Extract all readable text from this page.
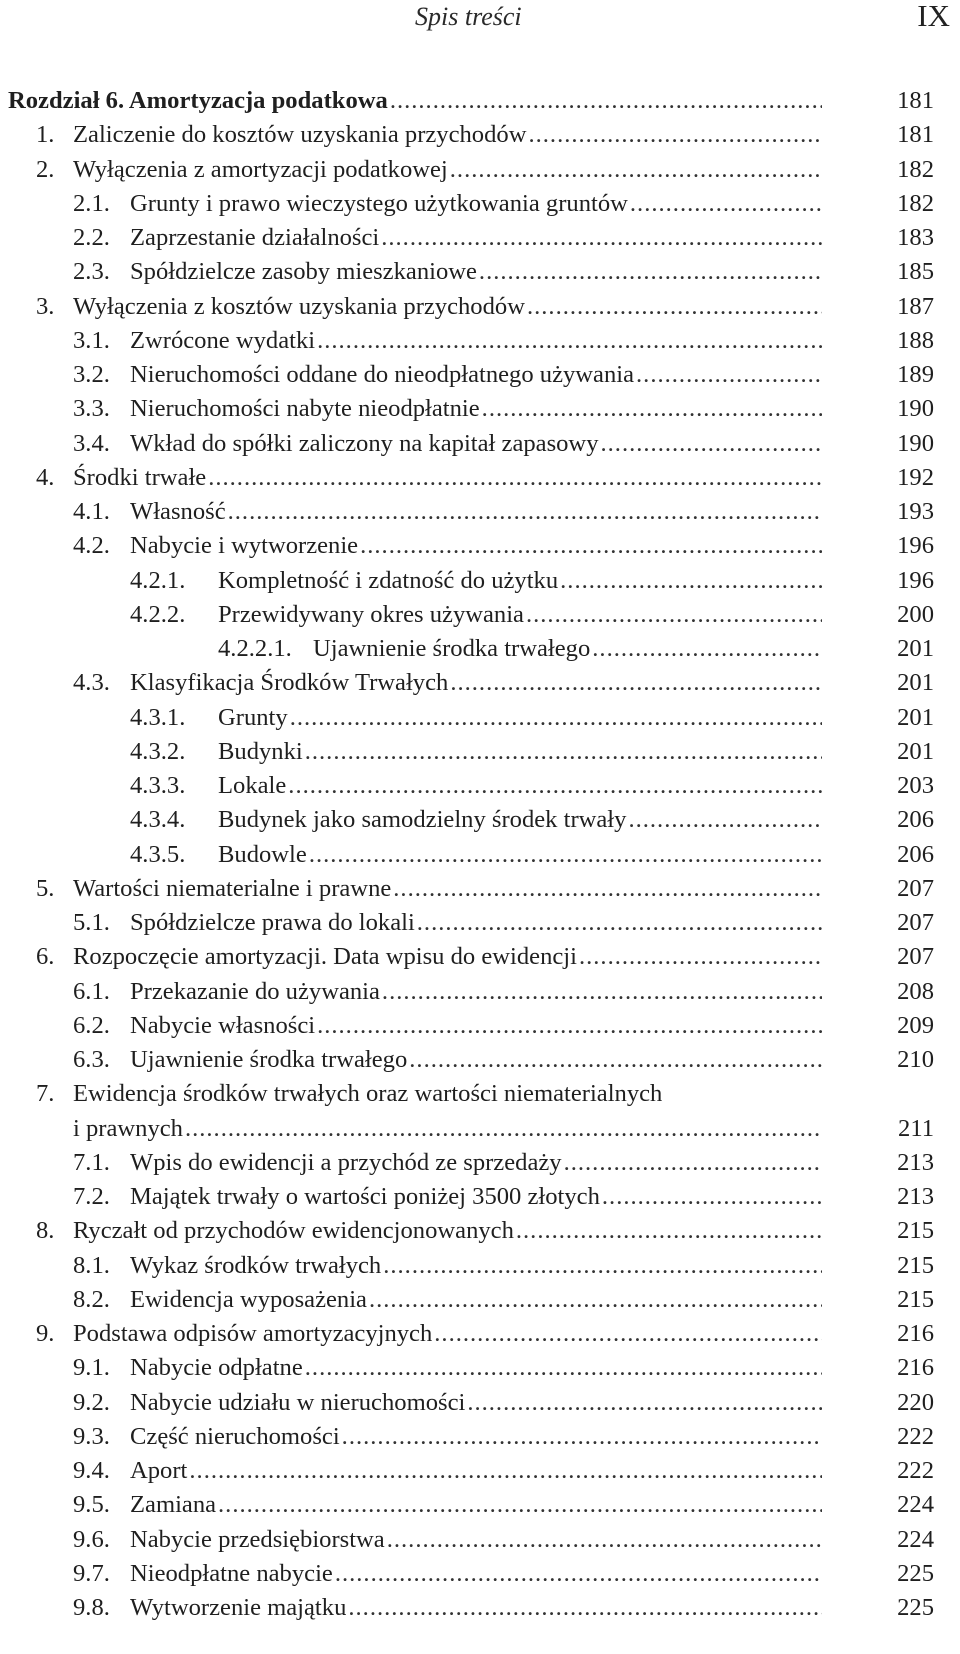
Spis treści	IX
Rozdział 6. Amortyzacja podatkowa .....	181
1. Zaliczenie do kosztów uzyskania przychodów .....	181
2. Wyłączenia z amortyzacji podatkowej .....	182
2.1. Grunty i prawo wieczystego użytkowania gruntów .....	182
2.2. Zaprzestanie działalności .....	183
2.3. Spółdzielcze zasoby mieszkaniowe .....	185
3. Wyłączenia z kosztów uzyskania przychodów .....	187
3.1. Zwrócone wydatki .....	188
3.2. Nieruchomości oddane do nieodpłatnego używania .....	189
3.3. Nieruchomości nabyte nieodpłatnie .....	190
3.4. Wkład do spółki zaliczony na kapitał zapasowy .....	190
4. Środki trwałe .....	192
4.1. Własność .....	193
4.2. Nabycie i wytworzenie .....	196
4.2.1.	Kompletność i zdatność do użytku .....	196
4.2.2.	Przewidywany okres używania .....	200
4.2.2.1. Ujawnienie środka trwałego .....	201
4.3. Klasyfikacja Środków Trwałych .....	201
4.3.1.	Grunty .....	201
4.3.2.	Budynki .....	201
4.3.3.	Lokale .....	203
4.3.4.	Budynek jako samodzielny środek trwały .....	206
4.3.5.	Budowle .....	206
5. Wartości niematerialne i prawne .....	207
5.1. Spółdzielcze prawa do lokali .....	207
6. Rozpoczęcie amortyzacji. Data wpisu do ewidencji .....	207
6.1. Przekazanie do używania .....	208
6.2. Nabycie własności .....	209
6.3. Ujawnienie środka trwałego .....	210
7. Ewidencja środków trwałych oraz wartości niematerialnych
i prawnych .....	211
7.1. Wpis do ewidencji a przychód ze sprzedaży .....	213
7.2. Majątek trwały o wartości poniżej 3500 złotych .....	213
8. Ryczałt od przychodów ewidencjonowanych .....	215
8.1. Wykaz środków trwałych .....	215
8.2. Ewidencja wyposażenia .....	215
9. Podstawa odpisów amortyzacyjnych .....	216
9.1. Nabycie odpłatne .....	216
9.2. Nabycie udziału w nieruchomości .....	220
9.3. Część nieruchomości .....	222
9.4. Aport .....	222
9.5. Zamiana .....	224
9.6. Nabycie przedsiębiorstwa .....	224
9.7. Nieodpłatne nabycie .....	225
9.8. Wytworzenie majątku .....	225
